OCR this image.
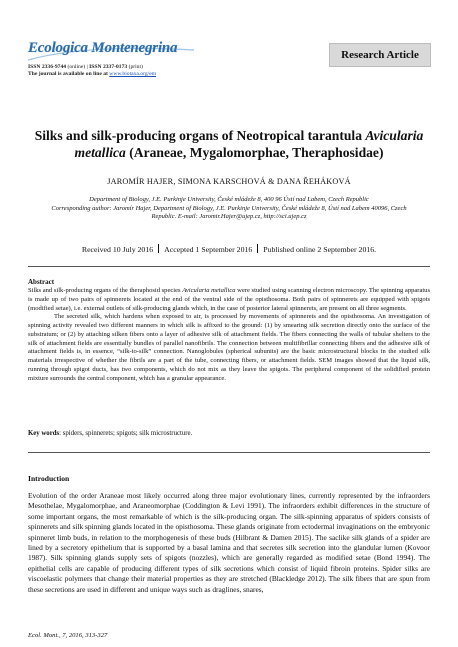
Ecologica Montenegrina
ISSN 2336-9744 (online) | ISSN 2337-0173 (print)
The journal is available on line at www.biotaxa.org/em
Research Article
Silks and silk-producing organs of Neotropical tarantula Avicularia metallica (Araneae, Mygalomorphae, Theraphosidae)
JAROMÍR HAJER, SIMONA KARSCHOVÁ & DANA ŘEHÁKOVÁ
Department of Biology, J.E. Purkinje University, České mládeže 8, 400 96 Ústí nad Labem, Czech Republic
Corresponding author: Jaromír Hajer, Department of Biology, J.E. Purkinje University, České mládeže 8, Ústí nad Labem 40096, Czech Republic. E-mail: Jaromir.Hajer@ujep.cz, http://sci.ujep.cz
Received 10 July 2016 Accepted 1 September 2016 Published online 2 September 2016.
Abstract

Silks and silk-producing organs of the theraphosid species Avicularia metallica were studied using scanning electron microscopy. The spinning apparatus is made up of two pairs of spinnerets located at the end of the ventral side of the opisthosoma. Both pairs of spinnerets are equipped with spigots (modified setae), i.e. external outlets of silk-producing glands which, in the case of posterior lateral spinnerets, are present on all three segments.

The secreted silk, which hardens when exposed to air, is processed by movements of spinnerets and the opisthosoma. An investigation of spinning activity revealed two different manners in which silk is affixed to the ground: (1) by smearing silk secretion directly onto the surface of the substratum; or (2) by attaching silken fibers onto a layer of adhesive silk of attachment fields. The fibers connecting the walls of tubular shelters to the silk of attachment fields are essentially bundles of parallel nanofibrils. The connection between multifibrillar connecting fibers and the adhesive silk of attachment fields is, in essence, “silk-to-silk” connection. Nanoglobules (spherical subunits) are the basic microstructural blocks in the studied silk materials irrespective of whether the fibrils are a part of the tube, connecting fibers, or attachment fields. SEM images showed that the liquid silk, running through spigot ducts, has two components, which do not mix as they leave the spigots. The peripheral component of the solidified protein mixture surrounds the central component, which has a granular appearance.

Key words: spiders, spinnerets; spigots; silk microstructure.
Introduction

Evolution of the order Araneae most likely occurred along three major evolutionary lines, currently represented by the infraorders Mesothelae, Mygalomorphae, and Araneomorphae (Coddington & Levi 1991). The infraorders exhibit differences in the structure of some important organs, the most remarkable of which is the silk-producing organ. The silk-spinning apparatus of spiders consists of spinnerets and silk spinning glands located in the opisthosoma. These glands originate from ectodermal invaginations on the embryonic spinneret limb buds, in relation to the morphogenesis of these buds (Hilbrant & Damen 2015). The saclike silk glands of a spider are lined by a secretory epithelium that is supported by a basal lamina and that secretes silk secretion into the glandular lumen (Kovoor 1987). Silk spinning glands supply sets of spigots (nozzles), which are generally regarded as modified setae (Bond 1994). The epithelial cells are capable of producing different types of silk secretions which consist of liquid fibroin proteins. Spider silks are viscoelastic polymers that change their material properties as they are stretched (Blackledge 2012). The silk fibers that are spun from these secretions are used in different and unique ways such as draglines, snares,

Ecol. Mont., 7, 2016, 313-327
